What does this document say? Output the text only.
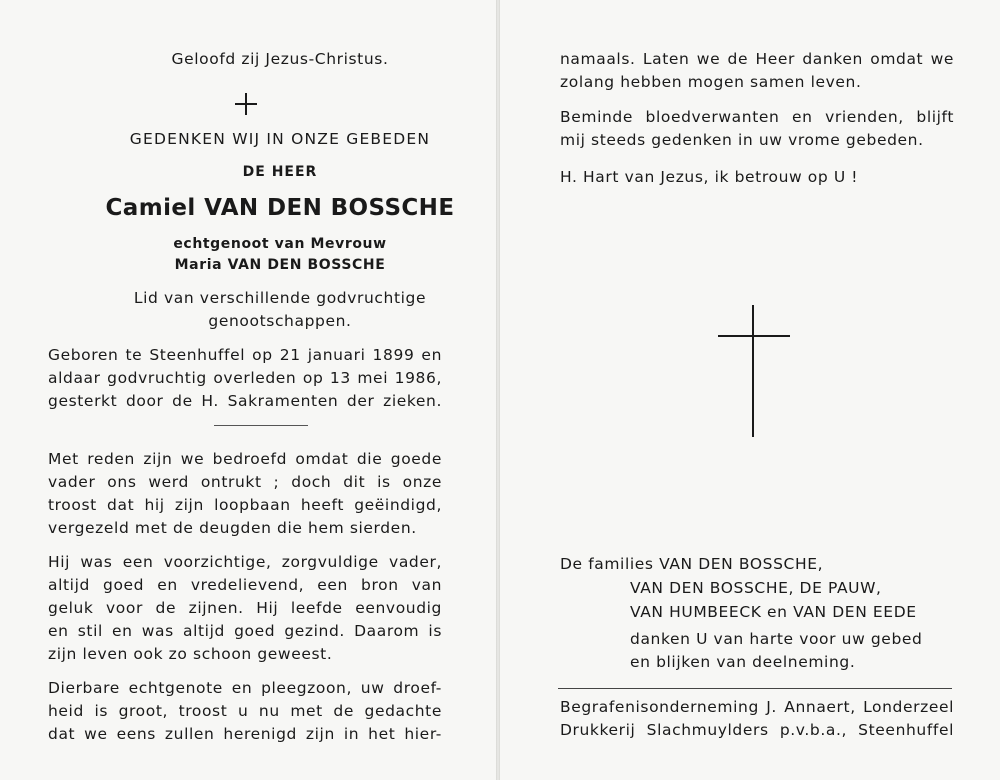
Geloofd zij Jezus-Christus.
GEDENKEN WIJ IN ONZE GEBEDEN
DE HEER
Camiel VAN DEN BOSSCHE
echtgenoot van Mevrouw
Maria VAN DEN BOSSCHE
Lid van verschillende godvruchtige
genootschappen.
Geboren te Steenhuffel op 21 januari 1899 en
aldaar godvruchtig overleden op 13 mei 1986,
gesterkt door de H. Sakramenten der zieken.
Met reden zijn we bedroefd omdat die goede
vader ons werd ontrukt ; doch dit is onze
troost dat hij zijn loopbaan heeft geëindigd,
vergezeld met de deugden die hem sierden.
Hij was een voorzichtige, zorgvuldige vader,
altijd goed en vredelievend, een bron van
geluk voor de zijnen. Hij leefde eenvoudig
en stil en was altijd goed gezind. Daarom is
zijn leven ook zo schoon geweest.
Dierbare echtgenote en pleegzoon, uw droef-
heid is groot, troost u nu met de gedachte
dat we eens zullen herenigd zijn in het hier-
namaals. Laten we de Heer danken omdat we
zolang hebben mogen samen leven.
Beminde bloedverwanten en vrienden, blijft
mij steeds gedenken in uw vrome gebeden.
H. Hart van Jezus, ik betrouw op U !
De families VAN DEN BOSSCHE,
VAN DEN BOSSCHE, DE PAUW,
VAN HUMBEECK en VAN DEN EEDE
danken U van harte voor uw gebed
en blijken van deelneming.
Begrafenisonderneming J. Annaert, Londerzeel
Drukkerij Slachmuylders p.v.b.a., Steenhuffel
